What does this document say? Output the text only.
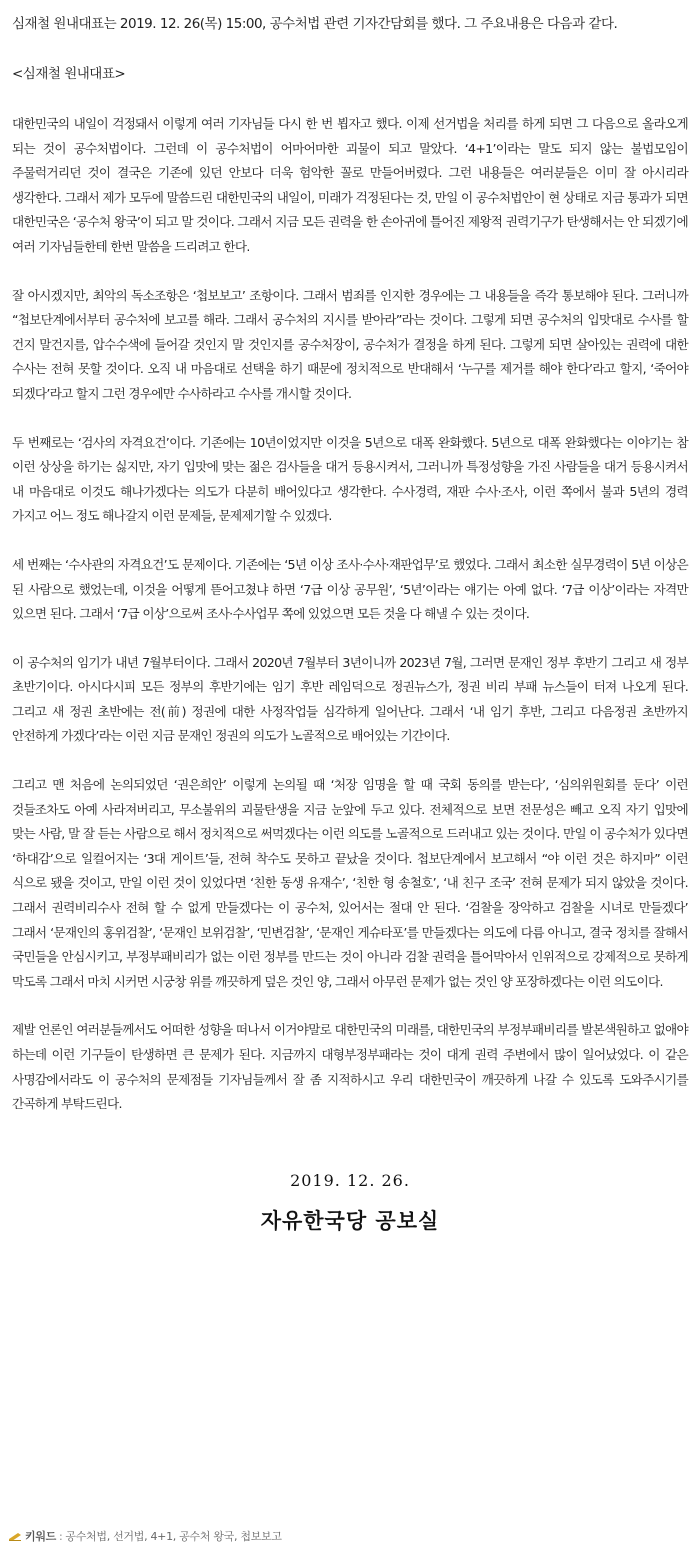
심재철 원내대표는 2019. 12. 26(목) 15:00, 공수처법 관련 기자간담회를 했다. 그 주요내용은 다음과 같다.

<심재철 원내대표>

대한민국의 내일이 걱정돼서 이렇게 여러 기자님들 다시 한 번 뵙자고 했다. 이제 선거법을 처리를 하게 되면 그 다음으로 올라오게 되는 것이 공수처법이다. 그런데 이 공수처법이 어마어마한 괴물이 되고 말았다. ‘4+1’이라는 말도 되지 않는 불법모임이 주물럭거리던 것이 결국은 기존에 있던 안보다 더욱 험악한 꼴로 만들어버렸다. 그런 내용들은 여러분들은 이미 잘 아시리라 생각한다. 그래서 제가 모두에 말씀드린 대한민국의 내일이, 미래가 걱정된다는 것, 만일 이 공수처법안이 현 상태로 지금 통과가 되면 대한민국은 ‘공수처 왕국’이 되고 말 것이다. 그래서 지금 모든 권력을 한 손아귀에 틀어진 제왕적 권력기구가 탄생해서는 안 되겠기에 여러 기자님들한테 한번 말씀을 드리려고 한다.

잘 아시겠지만, 최악의 독소조항은 ‘첩보보고’ 조항이다. 그래서 범죄를 인지한 경우에는 그 내용들을 즉각 통보해야 된다. 그러니까 “첩보단계에서부터 공수처에 보고를 해라. 그래서 공수처의 지시를 받아라”라는 것이다. 그렇게 되면 공수처의 입맛대로 수사를 할 건지 말건지를, 압수수색에 들어갈 것인지 말 것인지를 공수처장이, 공수처가 결정을 하게 된다. 그렇게 되면 살아있는 권력에 대한 수사는 전혀 못할 것이다. 오직 내 마음대로 선택을 하기 때문에 정치적으로 반대해서 ‘누구를 제거를 해야 한다’라고 할지, ‘죽어야 되겠다’라고 할지 그런 경우에만 수사하라고 수사를 개시할 것이다.

두 번째로는 ‘검사의 자격요건’이다. 기존에는 10년이었지만 이것을 5년으로 대폭 완화했다. 5년으로 대폭 완화했다는 이야기는 참 이런 상상을 하기는 싫지만, 자기 입맛에 맞는 젊은 검사들을 대거 등용시켜서, 그러니까 특정성향을 가진 사람들을 대거 등용시켜서 내 마음대로 이것도 해나가겠다는 의도가 다분히 배어있다고 생각한다. 수사경력, 재판 수사·조사, 이런 쪽에서 불과 5년의 경력 가지고 어느 정도 해나갈지 이런 문제들, 문제제기할 수 있겠다.

세 번째는 ‘수사관의 자격요건’도 문제이다. 기존에는 ‘5년 이상 조사·수사·재판업무’로 했었다. 그래서 최소한 실무경력이 5년 이상은 된 사람으로 했었는데, 이것을 어떻게 뜯어고쳤냐 하면 ‘7급 이상 공무원’, ‘5년’이라는 얘기는 아예 없다. ‘7급 이상’이라는 자격만 있으면 된다. 그래서 ‘7급 이상’으로써 조사·수사업무 쪽에 있었으면 모든 것을 다 해낼 수 있는 것이다.

이 공수처의 임기가 내년 7월부터이다. 그래서 2020년 7월부터 3년이니까 2023년 7월, 그러면 문재인 정부 후반기 그리고 새 정부 초반기이다. 아시다시피 모든 정부의 후반기에는 임기 후반 레임덕으로 정권뉴스가, 정권 비리 부패 뉴스들이 터져 나오게 된다. 그리고 새 정권 초반에는 전(前) 정권에 대한 사정작업들 심각하게 일어난다. 그래서 ‘내 임기 후반, 그리고 다음정권 초반까지 안전하게 가겠다’라는 이런 지금 문재인 정권의 의도가 노골적으로 배어있는 기간이다.

그리고 맨 처음에 논의되었던 ‘권은희안’ 이렇게 논의될 때 ‘처장 임명을 할 때 국회 동의를 받는다’, ‘심의위원회를 둔다’ 이런 것들조차도 아예 사라져버리고, 무소불위의 괴물탄생을 지금 눈앞에 두고 있다. 전체적으로 보면 전문성은 빼고 오직 자기 입맛에 맞는 사람, 말 잘 듣는 사람으로 해서 정치적으로 써먹겠다는 이런 의도를 노골적으로 드러내고 있는 것이다. 만일 이 공수처가 있다면 ‘하대감’으로 일컬어지는 ‘3대 게이트’들, 전혀 착수도 못하고 끝났을 것이다. 첩보단계에서 보고해서 “야 이런 것은 하지마” 이런 식으로 됐을 것이고, 만일 이런 것이 있었다면 ‘친한 동생 유재수’, ‘친한 형 송철호’, ‘내 친구 조국’ 전혀 문제가 되지 않았을 것이다. 그래서 권력비리수사 전혀 할 수 없게 만들겠다는 이 공수처, 있어서는 절대 안 된다. ‘검찰을 장악하고 검찰을 시녀로 만들겠다’ 그래서 ‘문재인의 홍위검찰’, ‘문재인 보위검찰’, ‘민변검찰’, ‘문재인 게슈타포’를 만들겠다는 의도에 다름 아니고, 결국 정치를 잘해서 국민들을 안심시키고, 부정부패비리가 없는 이런 정부를 만드는 것이 아니라 검찰 권력을 틀어막아서 인위적으로 강제적으로 못하게 막도록 그래서 마치 시커먼 시궁창 위를 깨끗하게 덮은 것인 양, 그래서 아무런 문제가 없는 것인 양 포장하겠다는 이런 의도이다.

제발 언론인 여러분들께서도 어떠한 성향을 떠나서 이거야말로 대한민국의 미래를, 대한민국의 부정부패비리를 발본색원하고 없애야 하는데 이런 기구들이 탄생하면 큰 문제가 된다. 지금까지 대형부정부패라는 것이 대게 권력 주변에서 많이 일어났었다. 이 같은 사명감에서라도 이 공수처의 문제점들 기자님들께서 잘 좀 지적하시고 우리 대한민국이 깨끗하게 나갈 수 있도록 도와주시기를 간곡하게 부탁드린다.

2019. 12. 26.
자유한국당 공보실
키워드 : 공수처법, 선거법, 4+1, 공수처 왕국, 첩보보고
